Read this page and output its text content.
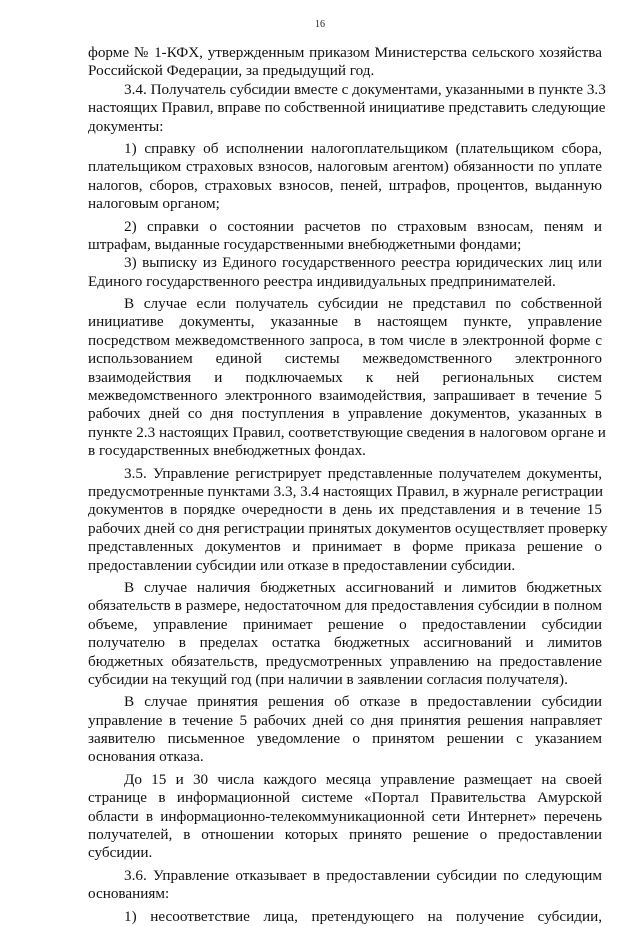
16
форме № 1-КФХ, утвержденным приказом Министерства сельского хозяйства
Российской Федерации, за предыдущий год.
3.4. Получатель субсидии вместе с документами, указанными в пункте 3.3
настоящих Правил, вправе по собственной инициативе представить следующие
документы:
1) справку об исполнении налогоплательщиком (плательщиком сбора,
плательщиком страховых взносов, налоговым агентом) обязанности по уплате
налогов, сборов, страховых взносов, пеней, штрафов, процентов, выданную
налоговым органом;
2) справки о состоянии расчетов по страховым взносам, пеням и
штрафам, выданные государственными внебюджетными фондами;
3) выписку из Единого государственного реестра юридических лиц или
Единого государственного реестра индивидуальных предпринимателей.
В случае если получатель субсидии не представил по собственной
инициативе документы, указанные в настоящем пункте, управление
посредством межведомственного запроса, в том числе в электронной форме с
использованием единой системы межведомственного электронного
взаимодействия и подключаемых к ней региональных систем
межведомственного электронного взаимодействия, запрашивает в течение 5
рабочих дней со дня поступления в управление документов, указанных в
пункте 2.3 настоящих Правил, соответствующие сведения в налоговом органе и
в государственных внебюджетных фондах.
3.5. Управление регистрирует представленные получателем документы,
предусмотренные пунктами 3.3, 3.4 настоящих Правил, в журнале регистрации
документов в порядке очередности в день их представления и в течение 15
рабочих дней со дня регистрации принятых документов осуществляет проверку
представленных документов и принимает в форме приказа решение о
предоставлении субсидии или отказе в предоставлении субсидии.
В случае наличия бюджетных ассигнований и лимитов бюджетных
обязательств в размере, недостаточном для предоставления субсидии в полном
объеме, управление принимает решение о предоставлении субсидии
получателю в пределах остатка бюджетных ассигнований и лимитов
бюджетных обязательств, предусмотренных управлению на предоставление
субсидии на текущий год (при наличии в заявлении согласия получателя).
В случае принятия решения об отказе в предоставлении субсидии
управление в течение 5 рабочих дней со дня принятия решения направляет
заявителю письменное уведомление о принятом решении с указанием
основания отказа.
До 15 и 30 числа каждого месяца управление размещает на своей
странице в информационной системе «Портал Правительства Амурской
области в информационно-телекоммуникационной сети Интернет» перечень
получателей, в отношении которых принято решение о предоставлении
субсидии.
3.6. Управление отказывает в предоставлении субсидии по следующим
основаниям:
1) несоответствие лица, претендующего на получение субсидии,
